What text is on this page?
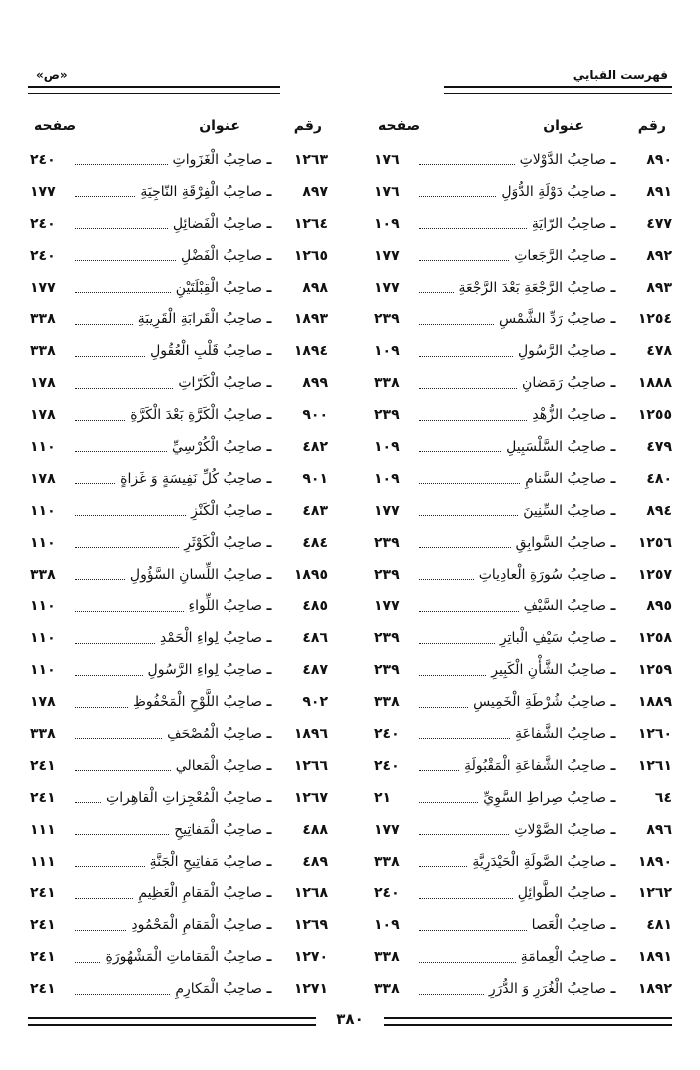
فهرست القبايي
«ص»
رقم
عنوان
صفحه
٨٩٠
ـ
صاحِبُ الدَّوْلاتِ
١٧٦
٨٩١
ـ
صاحِبُ دَوْلَةِ الدُّوَلِ
١٧٦
٤٧٧
ـ
صاحِبُ الرّايَةِ
١٠٩
٨٩٢
ـ
صاحِبُ الرَّجَعاتِ
١٧٧
٨٩٣
ـ
صاحِبُ الرَّجْعَةِ بَعْدَ الرَّجْعَةِ
١٧٧
١٢٥٤
ـ
صاحِبُ رَدِّ الشَّمْسِ
٢٣٩
٤٧٨
ـ
صاحِبُ الرَّسُولِ
١٠٩
١٨٨٨
ـ
صاحِبُ رَمَضانِ
٣٣٨
١٢٥٥
ـ
صاحِبُ الزُّهْدِ
٢٣٩
٤٧٩
ـ
صاحِبُ السَّلْسَبِيلِ
١٠٩
٤٨٠
ـ
صاحِبُ السَّنامِ
١٠٩
٨٩٤
ـ
صاحِبُ السِّنِينَ
١٧٧
١٢٥٦
ـ
صاحِبُ السَّوابِقِ
٢٣٩
١٢٥٧
ـ
صاحِبُ سُورَةِ الْعادِياتِ
٢٣٩
٨٩٥
ـ
صاحِبُ السَّيْفِ
١٧٧
١٢٥٨
ـ
صاحِبُ سَيْفِ الْباتِرِ
٢٣٩
١٢٥٩
ـ
صاحِبُ الشَّأْنِ الْكَبِيرِ
٢٣٩
١٨٨٩
ـ
صاحِبُ شُرْطَةِ الْخَمِيسِ
٣٣٨
١٢٦٠
ـ
صاحِبُ الشَّفاعَةِ
٢٤٠
١٢٦١
ـ
صاحِبُ الشَّفاعَةِ الْمَقْبُولَةِ
٢٤٠
٦٤
ـ
صاحِبُ صِراطِ السَّوِيِّ
٢١
٨٩٦
ـ
صاحِبُ الصَّوْلاتِ
١٧٧
١٨٩٠
ـ
صاحِبُ الصَّولَةِ الْحَيْدَرِيَّةِ
٣٣٨
١٢٦٢
ـ
صاحِبُ الطَّوائِلِ
٢٤٠
٤٨١
ـ
صاحِبُ الْعَصا
١٠٩
١٨٩١
ـ
صاحِبُ الْعِمامَةِ
٣٣٨
١٨٩٢
ـ
صاحِبُ الْغُرَرِ وَ الدُّرَرِ
٣٣٨
رقم
عنوان
صفحه
١٢٦٣
ـ
صاحِبُ الْغَزَواتِ
٢٤٠
٨٩٧
ـ
صاحِبُ الْفِرْقَةِ النّاجِيَةِ
١٧٧
١٢٦٤
ـ
صاحِبُ الْفَضائِلِ
٢٤٠
١٢٦٥
ـ
صاحِبُ الْفَضْلِ
٢٤٠
٨٩٨
ـ
صاحِبُ الْقِبْلَتَيْنِ
١٧٧
١٨٩٣
ـ
صاحِبُ الْقَرابَةِ الْقَرِيبَةِ
٣٣٨
١٨٩٤
ـ
صاحِبُ قَلْبِ الْعُقُولِ
٣٣٨
٨٩٩
ـ
صاحِبُ الْكَرّاتِ
١٧٨
٩٠٠
ـ
صاحِبُ الْكَرَّةِ بَعْدَ الْكَرَّةِ
١٧٨
٤٨٢
ـ
صاحِبُ الْكُرْسِيِّ
١١٠
٩٠١
ـ
صاحِبُ كُلِّ نَفِيسَةٍ وَ غَزاةٍ
١٧٨
٤٨٣
ـ
صاحِبُ الْكَنْزِ
١١٠
٤٨٤
ـ
صاحِبُ الْكَوْثَرِ
١١٠
١٨٩٥
ـ
صاحِبُ اللِّسانِ السَّؤُولِ
٣٣٨
٤٨٥
ـ
صاحِبُ اللِّواءِ
١١٠
٤٨٦
ـ
صاحِبُ لِواءِ الْحَمْدِ
١١٠
٤٨٧
ـ
صاحِبُ لِواءِ الرَّسُولِ
١١٠
٩٠٢
ـ
صاحِبُ اللَّوْحِ الْمَحْفُوظِ
١٧٨
١٨٩٦
ـ
صاحِبُ الْمُصْحَفِ
٣٣٨
١٢٦٦
ـ
صاحِبُ الْمَعالي
٢٤١
١٢٦٧
ـ
صاحِبُ الْمُعْجِزاتِ الْقاهِراتِ
٢٤١
٤٨٨
ـ
صاحِبُ الْمَفاتِيحِ
١١١
٤٨٩
ـ
صاحِبُ مَفاتِيحِ الْجَنَّةِ
١١١
١٢٦٨
ـ
صاحِبُ الْمَقامِ الْعَظِيمِ
٢٤١
١٢٦٩
ـ
صاحِبُ الْمَقامِ الْمَحْمُودِ
٢٤١
١٢٧٠
ـ
صاحِبُ الْمَقاماتِ الْمَشْهُورَةِ
٢٤١
١٢٧١
ـ
صاحِبُ الْمَكارِمِ
٢٤١
٣٨٠
